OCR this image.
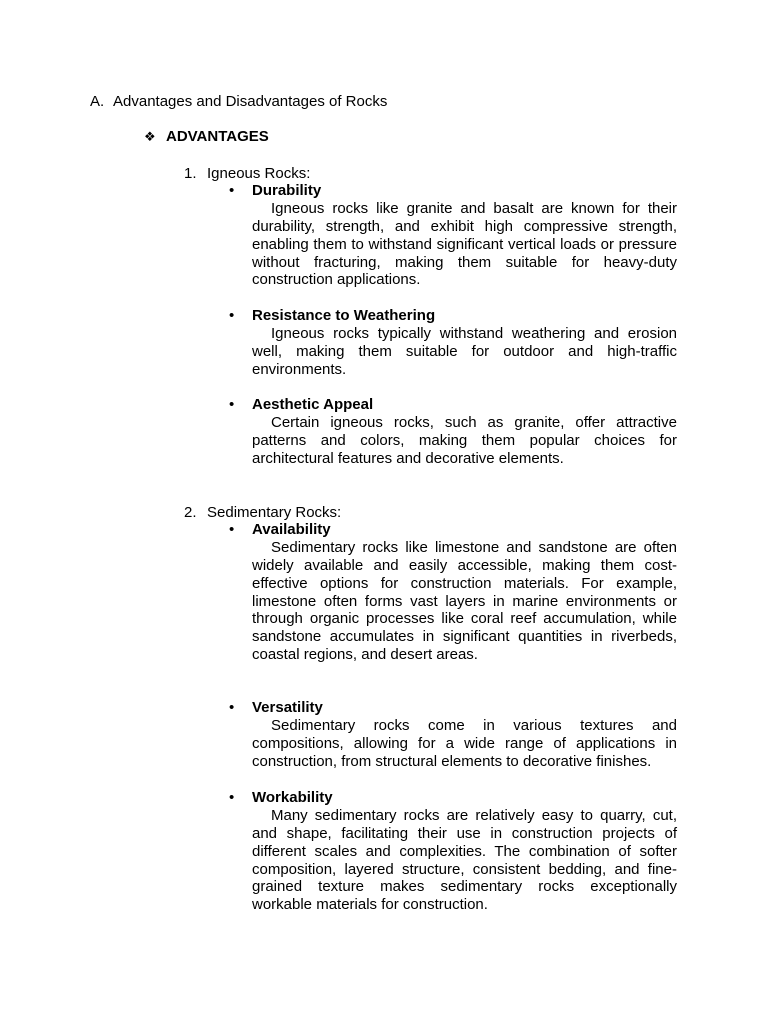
A. Advantages and Disadvantages of Rocks
❖ ADVANTAGES
1. Igneous Rocks:
• Durability
Igneous rocks like granite and basalt are known for their durability, strength, and exhibit high compressive strength, enabling them to withstand significant vertical loads or pressure without fracturing, making them suitable for heavy-duty construction applications.
• Resistance to Weathering
Igneous rocks typically withstand weathering and erosion well, making them suitable for outdoor and high-traffic environments.
• Aesthetic Appeal
Certain igneous rocks, such as granite, offer attractive patterns and colors, making them popular choices for architectural features and decorative elements.
2. Sedimentary Rocks:
• Availability
Sedimentary rocks like limestone and sandstone are often widely available and easily accessible, making them cost-effective options for construction materials. For example, limestone often forms vast layers in marine environments or through organic processes like coral reef accumulation, while sandstone accumulates in significant quantities in riverbeds, coastal regions, and desert areas.
• Versatility
Sedimentary rocks come in various textures and compositions, allowing for a wide range of applications in construction, from structural elements to decorative finishes.
• Workability
Many sedimentary rocks are relatively easy to quarry, cut, and shape, facilitating their use in construction projects of different scales and complexities. The combination of softer composition, layered structure, consistent bedding, and fine-grained texture makes sedimentary rocks exceptionally workable materials for construction.
